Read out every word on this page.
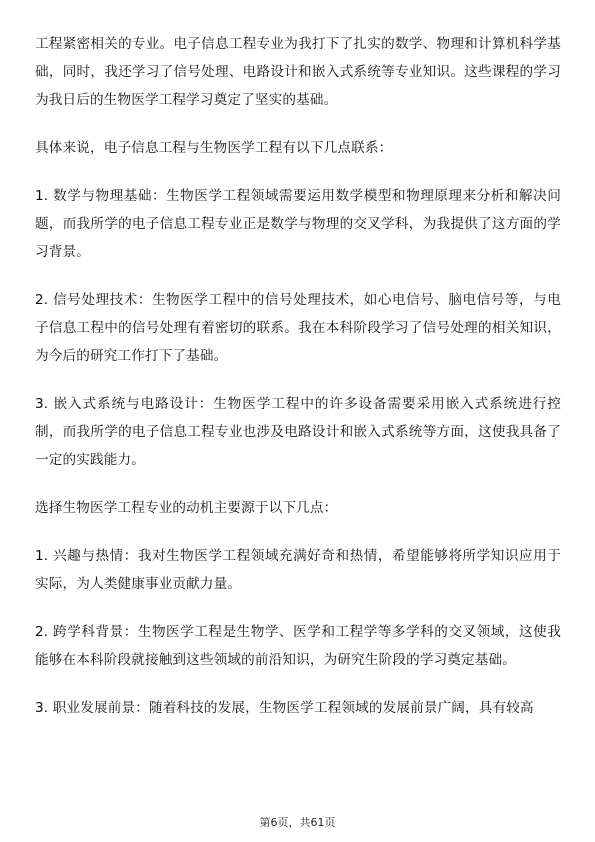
工程紧密相关的专业。电子信息工程专业为我打下了扎实的数学、物理和计算机科学基础，同时，我还学习了信号处理、电路设计和嵌入式系统等专业知识。这些课程的学习为我日后的生物医学工程学习奠定了坚实的基础。

具体来说，电子信息工程与生物医学工程有以下几点联系：

1. 数学与物理基础：生物医学工程领域需要运用数学模型和物理原理来分析和解决问题，而我所学的电子信息工程专业正是数学与物理的交叉学科，为我提供了这方面的学习背景。

2. 信号处理技术：生物医学工程中的信号处理技术，如心电信号、脑电信号等，与电子信息工程中的信号处理有着密切的联系。我在本科阶段学习了信号处理的相关知识，为今后的研究工作打下了基础。

3. 嵌入式系统与电路设计：生物医学工程中的许多设备需要采用嵌入式系统进行控制，而我所学的电子信息工程专业也涉及电路设计和嵌入式系统等方面，这使我具备了一定的实践能力。

选择生物医学工程专业的动机主要源于以下几点：

1. 兴趣与热情：我对生物医学工程领域充满好奇和热情，希望能够将所学知识应用于实际，为人类健康事业贡献力量。

2. 跨学科背景：生物医学工程是生物学、医学和工程学等多学科的交叉领域，这使我能够在本科阶段就接触到这些领域的前沿知识，为研究生阶段的学习奠定基础。

3. 职业发展前景：随着科技的发展，生物医学工程领域的发展前景广阔，具有较高

第6页，共61页
